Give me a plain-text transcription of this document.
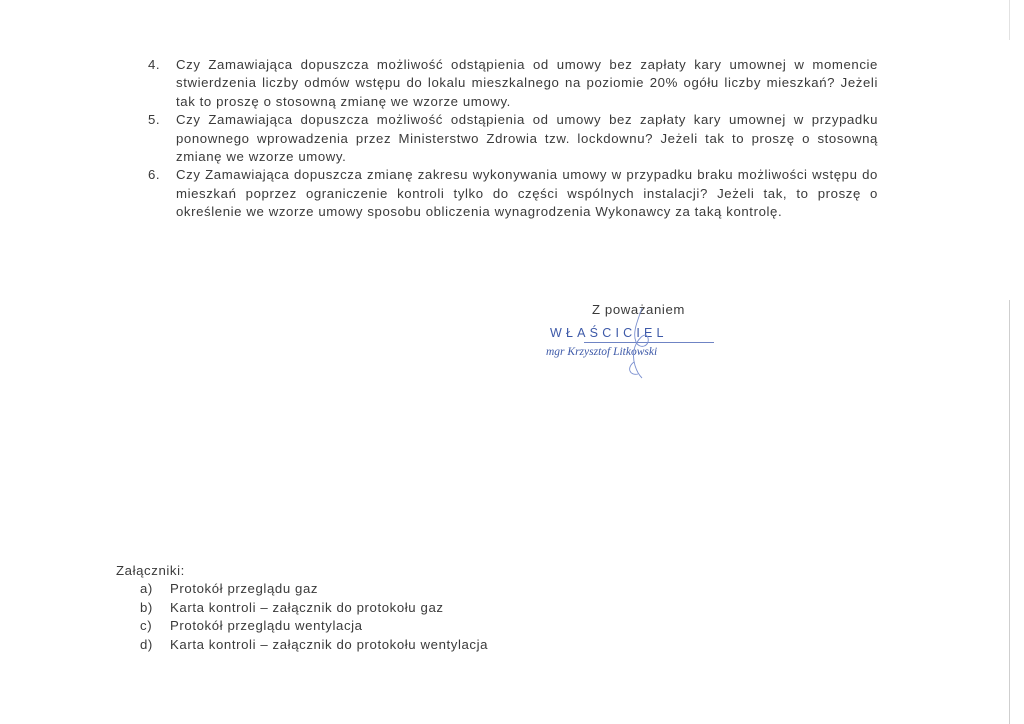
4. Czy Zamawiająca dopuszcza możliwość odstąpienia od umowy bez zapłaty kary umownej w momencie stwierdzenia liczby odmów wstępu do lokalu mieszkalnego na poziomie 20% ogółu liczby mieszkań? Jeżeli tak to proszę o stosowną zmianę we wzorze umowy.
5. Czy Zamawiająca dopuszcza możliwość odstąpienia od umowy bez zapłaty kary umownej w przypadku ponownego wprowadzenia przez Ministerstwo Zdrowia tzw. lockdownu? Jeżeli tak to proszę o stosowną zmianę we wzorze umowy.
6. Czy Zamawiająca dopuszcza zmianę zakresu wykonywania umowy w przypadku braku możliwości wstępu do mieszkań poprzez ograniczenie kontroli tylko do części wspólnych instalacji? Jeżeli tak, to proszę o określenie we wzorze umowy sposobu obliczenia wynagrodzenia Wykonawcy za taką kontrolę.
Z poważaniem
WŁAŚCICIEL
mgr Krzysztof Litkowski
Załączniki:
a) Protokół przeglądu gaz
b) Karta kontroli – załącznik do protokołu gaz
c) Protokół przeglądu wentylacja
d) Karta kontroli – załącznik do protokołu wentylacja
